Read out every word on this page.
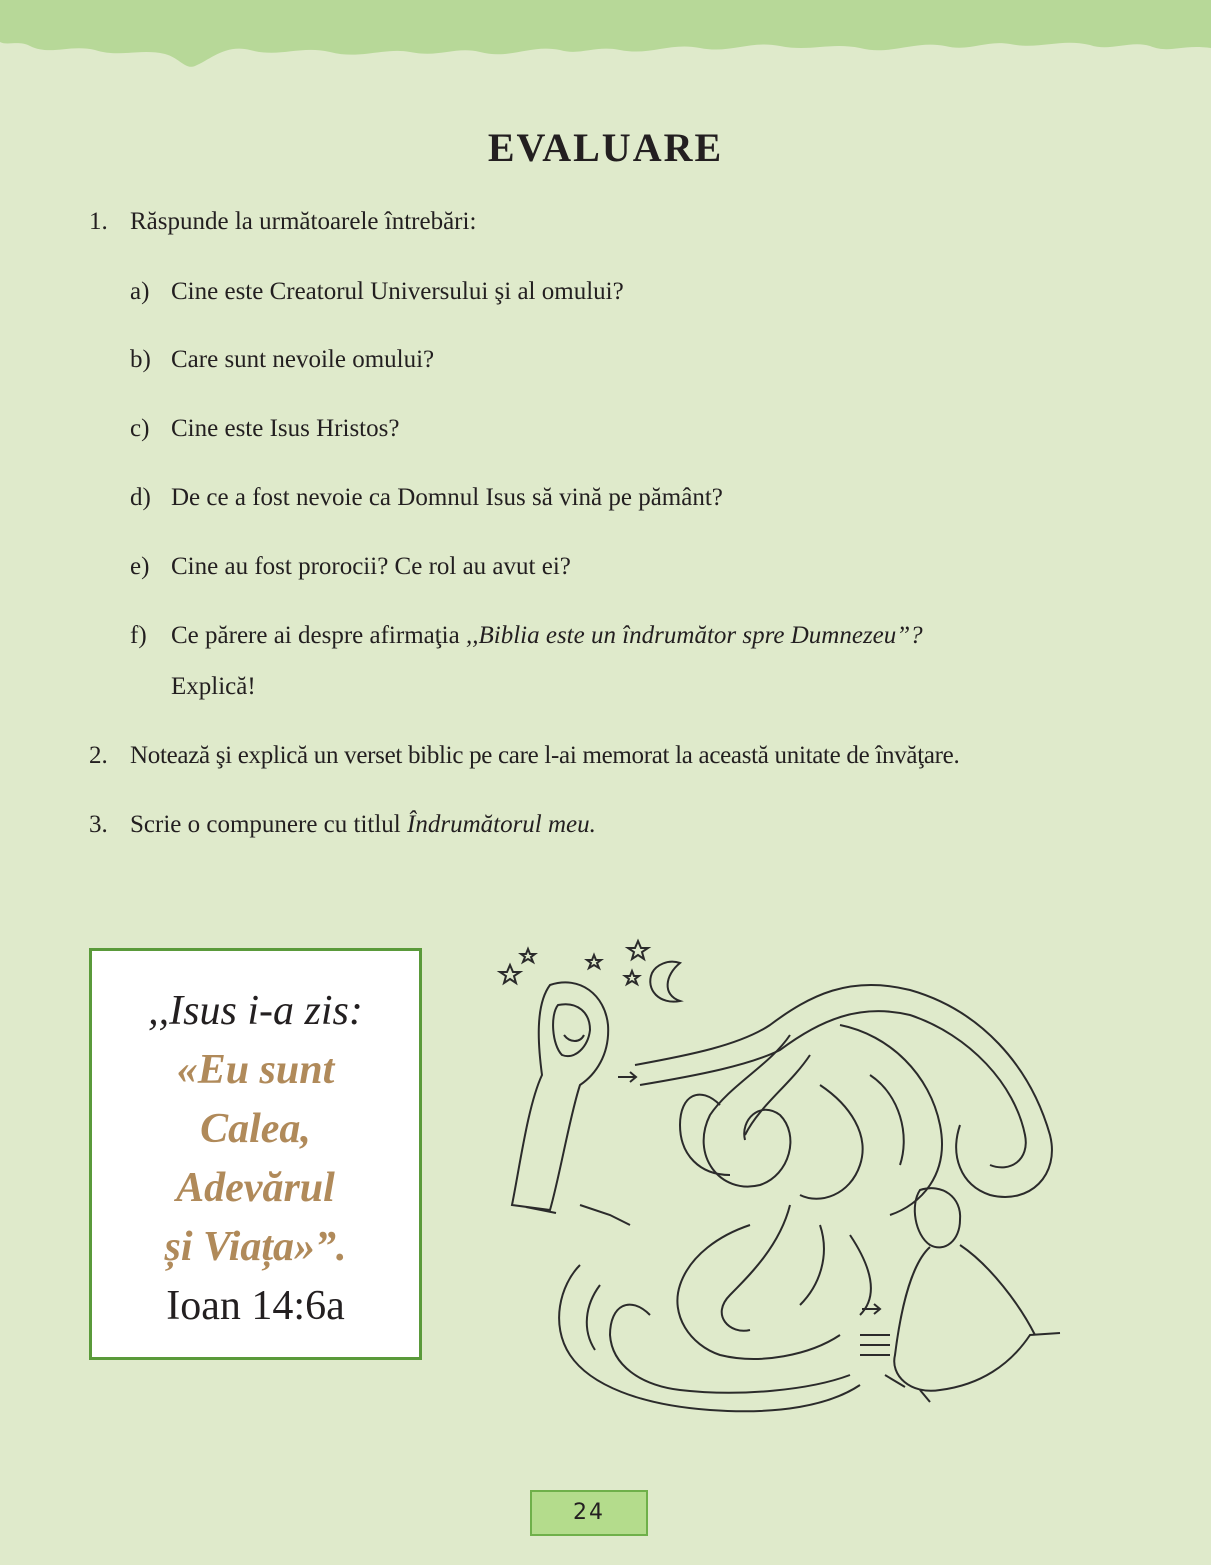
EVALUARE
1. Răspunde la următoarele întrebări:
a) Cine este Creatorul Universului şi al omului?
b) Care sunt nevoile omului?
c) Cine este Isus Hristos?
d) De ce a fost nevoie ca Domnul Isus să vină pe pământ?
e) Cine au fost prorocii? Ce rol au avut ei?
f) Ce părere ai despre afirmaţia ,,Biblia este un îndrumător spre Dumnezeu”?
Explică!
2. Notează şi explică un verset biblic pe care l-ai memorat la această unitate de învăţare.
3. Scrie o compunere cu titlul Îndrumătorul meu.
,,Isus i-a zis:
«Eu sunt
Calea,
Adevărul
și Viața»”.
Ioan 14:6a
24
